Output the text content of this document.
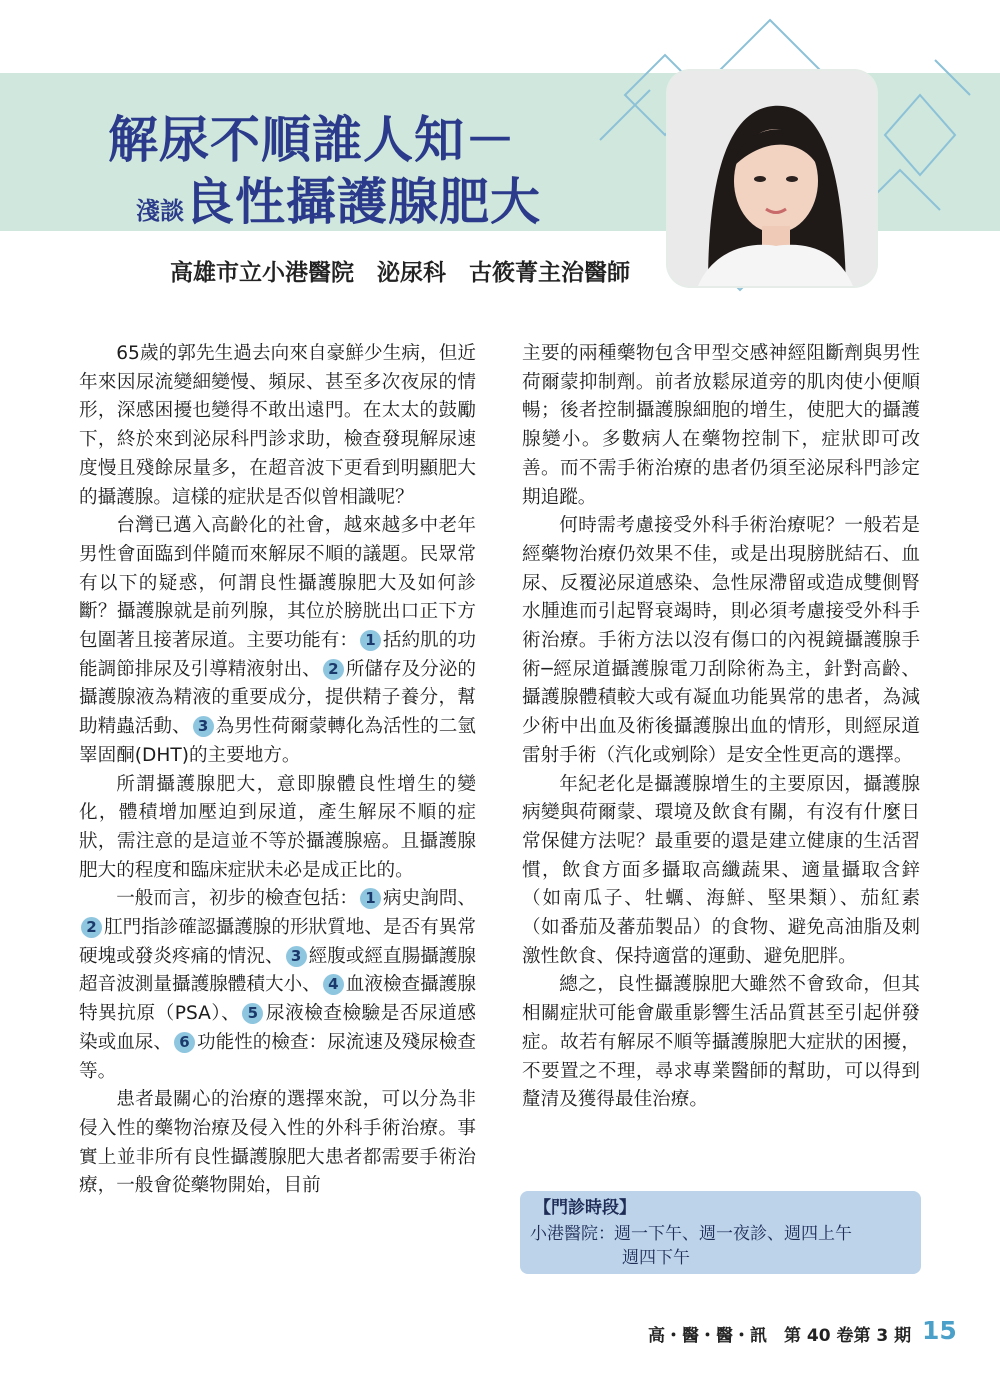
解尿不順誰人知－
淺談良性攝護腺肥大
高雄市立小港醫院　泌尿科　古筱菁主治醫師

65歲的郭先生過去向來自豪鮮少生病，但近年來因尿流變細變慢、頻尿、甚至多次夜尿的情形，深感困擾也變得不敢出遠門。在太太的鼓勵下，終於來到泌尿科門診求助，檢查發現解尿速度慢且殘餘尿量多，在超音波下更看到明顯肥大的攝護腺。這樣的症狀是否似曾相識呢？

台灣已邁入高齡化的社會，越來越多中老年男性會面臨到伴隨而來解尿不順的議題。民眾常有以下的疑惑，何謂良性攝護腺肥大及如何診斷？攝護腺就是前列腺，其位於膀胱出口正下方包圍著且接著尿道。主要功能有： 1 括約肌的功能調節排尿及引導精液射出、 2 所儲存及分泌的攝護腺液為精液的重要成分，提供精子養分，幫助精蟲活動、 3 為男性荷爾蒙轉化為活性的二氫睪固酮(DHT)的主要地方。

所謂攝護腺肥大，意即腺體良性增生的變化，體積增加壓迫到尿道，產生解尿不順的症狀，需注意的是這並不等於攝護腺癌。且攝護腺肥大的程度和臨床症狀未必是成正比的。

一般而言，初步的檢查包括： 1 病史詢問、2 肛門指診確認攝護腺的形狀質地、是否有異常硬塊或發炎疼痛的情況、 3 經腹或經直腸攝護腺超音波測量攝護腺體積大小、 4 血液檢查攝護腺特異抗原（PSA）、 5 尿液檢查檢驗是否尿道感染或血尿、 6 功能性的檢查：尿流速及殘尿檢查等。

患者最關心的治療的選擇來說，可以分為非侵入性的藥物治療及侵入性的外科手術治療。事實上並非所有良性攝護腺肥大患者都需要手術治療，一般會從藥物開始，目前

主要的兩種藥物包含甲型交感神經阻斷劑與男性荷爾蒙抑制劑。前者放鬆尿道旁的肌肉使小便順暢；後者控制攝護腺細胞的增生，使肥大的攝護腺變小。多數病人在藥物控制下，症狀即可改善。而不需手術治療的患者仍須至泌尿科門診定期追蹤。

何時需考慮接受外科手術治療呢？一般若是經藥物治療仍效果不佳，或是出現膀胱結石、血尿、反覆泌尿道感染、急性尿滯留或造成雙側腎水腫進而引起腎衰竭時，則必須考慮接受外科手術治療。手術方法以沒有傷口的內視鏡攝護腺手術─經尿道攝護腺電刀刮除術為主，針對高齡、攝護腺體積較大或有凝血功能異常的患者，為減少術中出血及術後攝護腺出血的情形，則經尿道雷射手術（汽化或剜除）是安全性更高的選擇。

年紀老化是攝護腺增生的主要原因，攝護腺病變與荷爾蒙、環境及飲食有關，有沒有什麼日常保健方法呢？最重要的還是建立健康的生活習慣，飲食方面多攝取高纖蔬果、適量攝取含鋅（如南瓜子、牡蠣、海鮮、堅果類）、茄紅素（如番茄及蕃茄製品）的食物、避免高油脂及刺激性飲食、保持適當的運動、避免肥胖。

總之，良性攝護腺肥大雖然不會致命，但其相關症狀可能會嚴重影響生活品質甚至引起併發症。故若有解尿不順等攝護腺肥大症狀的困擾，不要置之不理，尋求專業醫師的幫助，可以得到釐清及獲得最佳治療。

【門診時段】
小港醫院： 週一下午、週一夜診、週四上午
週四下午
高・醫・醫・訊　第 40 卷第 3 期 15
